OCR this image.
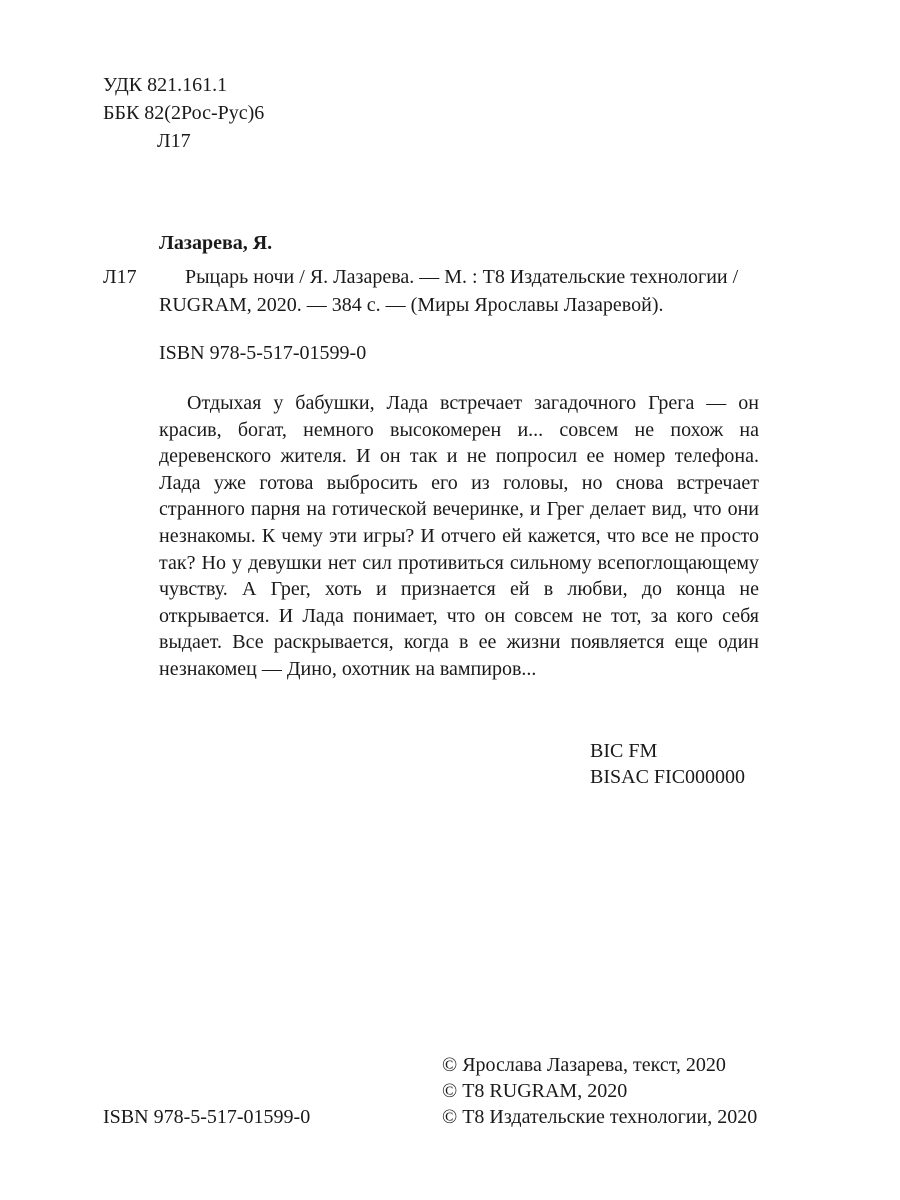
УДК 821.161.1
ББК 82(2Рос-Рус)6
Л17
Лазарева, Я.
Л17 Рыцарь ночи / Я. Лазарева. — М. : Т8 Издательские технологии /
RUGRAM, 2020. — 384 с. — (Миры Ярославы Лазаревой).
ISBN 978-5-517-01599-0

Отдыхая у бабушки, Лада встречает загадочного Грега — он красив, богат, немного высокомерен и... совсем не похож на деревенского жителя. И он так и не попросил ее номер телефона. Лада уже готова выбросить его из головы, но снова встречает странного парня на готической вечеринке, и Грег делает вид, что они незнакомы. К чему эти игры? И отчего ей кажется, что все не просто так? Но у девушки нет сил противиться сильному всепоглощающему чувству. А Грег, хоть и признается ей в любви, до конца не открывается. И Лада понимает, что он совсем не тот, за кого себя выдает. Все раскрывается, когда в ее жизни появляется еще один незнакомец — Дино, охотник на вампиров...

BIC FM
BISAC FIC000000
ISBN 978-5-517-01599-0
© Ярослава Лазарева, текст, 2020
© Т8 RUGRAM, 2020
© Т8 Издательские технологии, 2020
